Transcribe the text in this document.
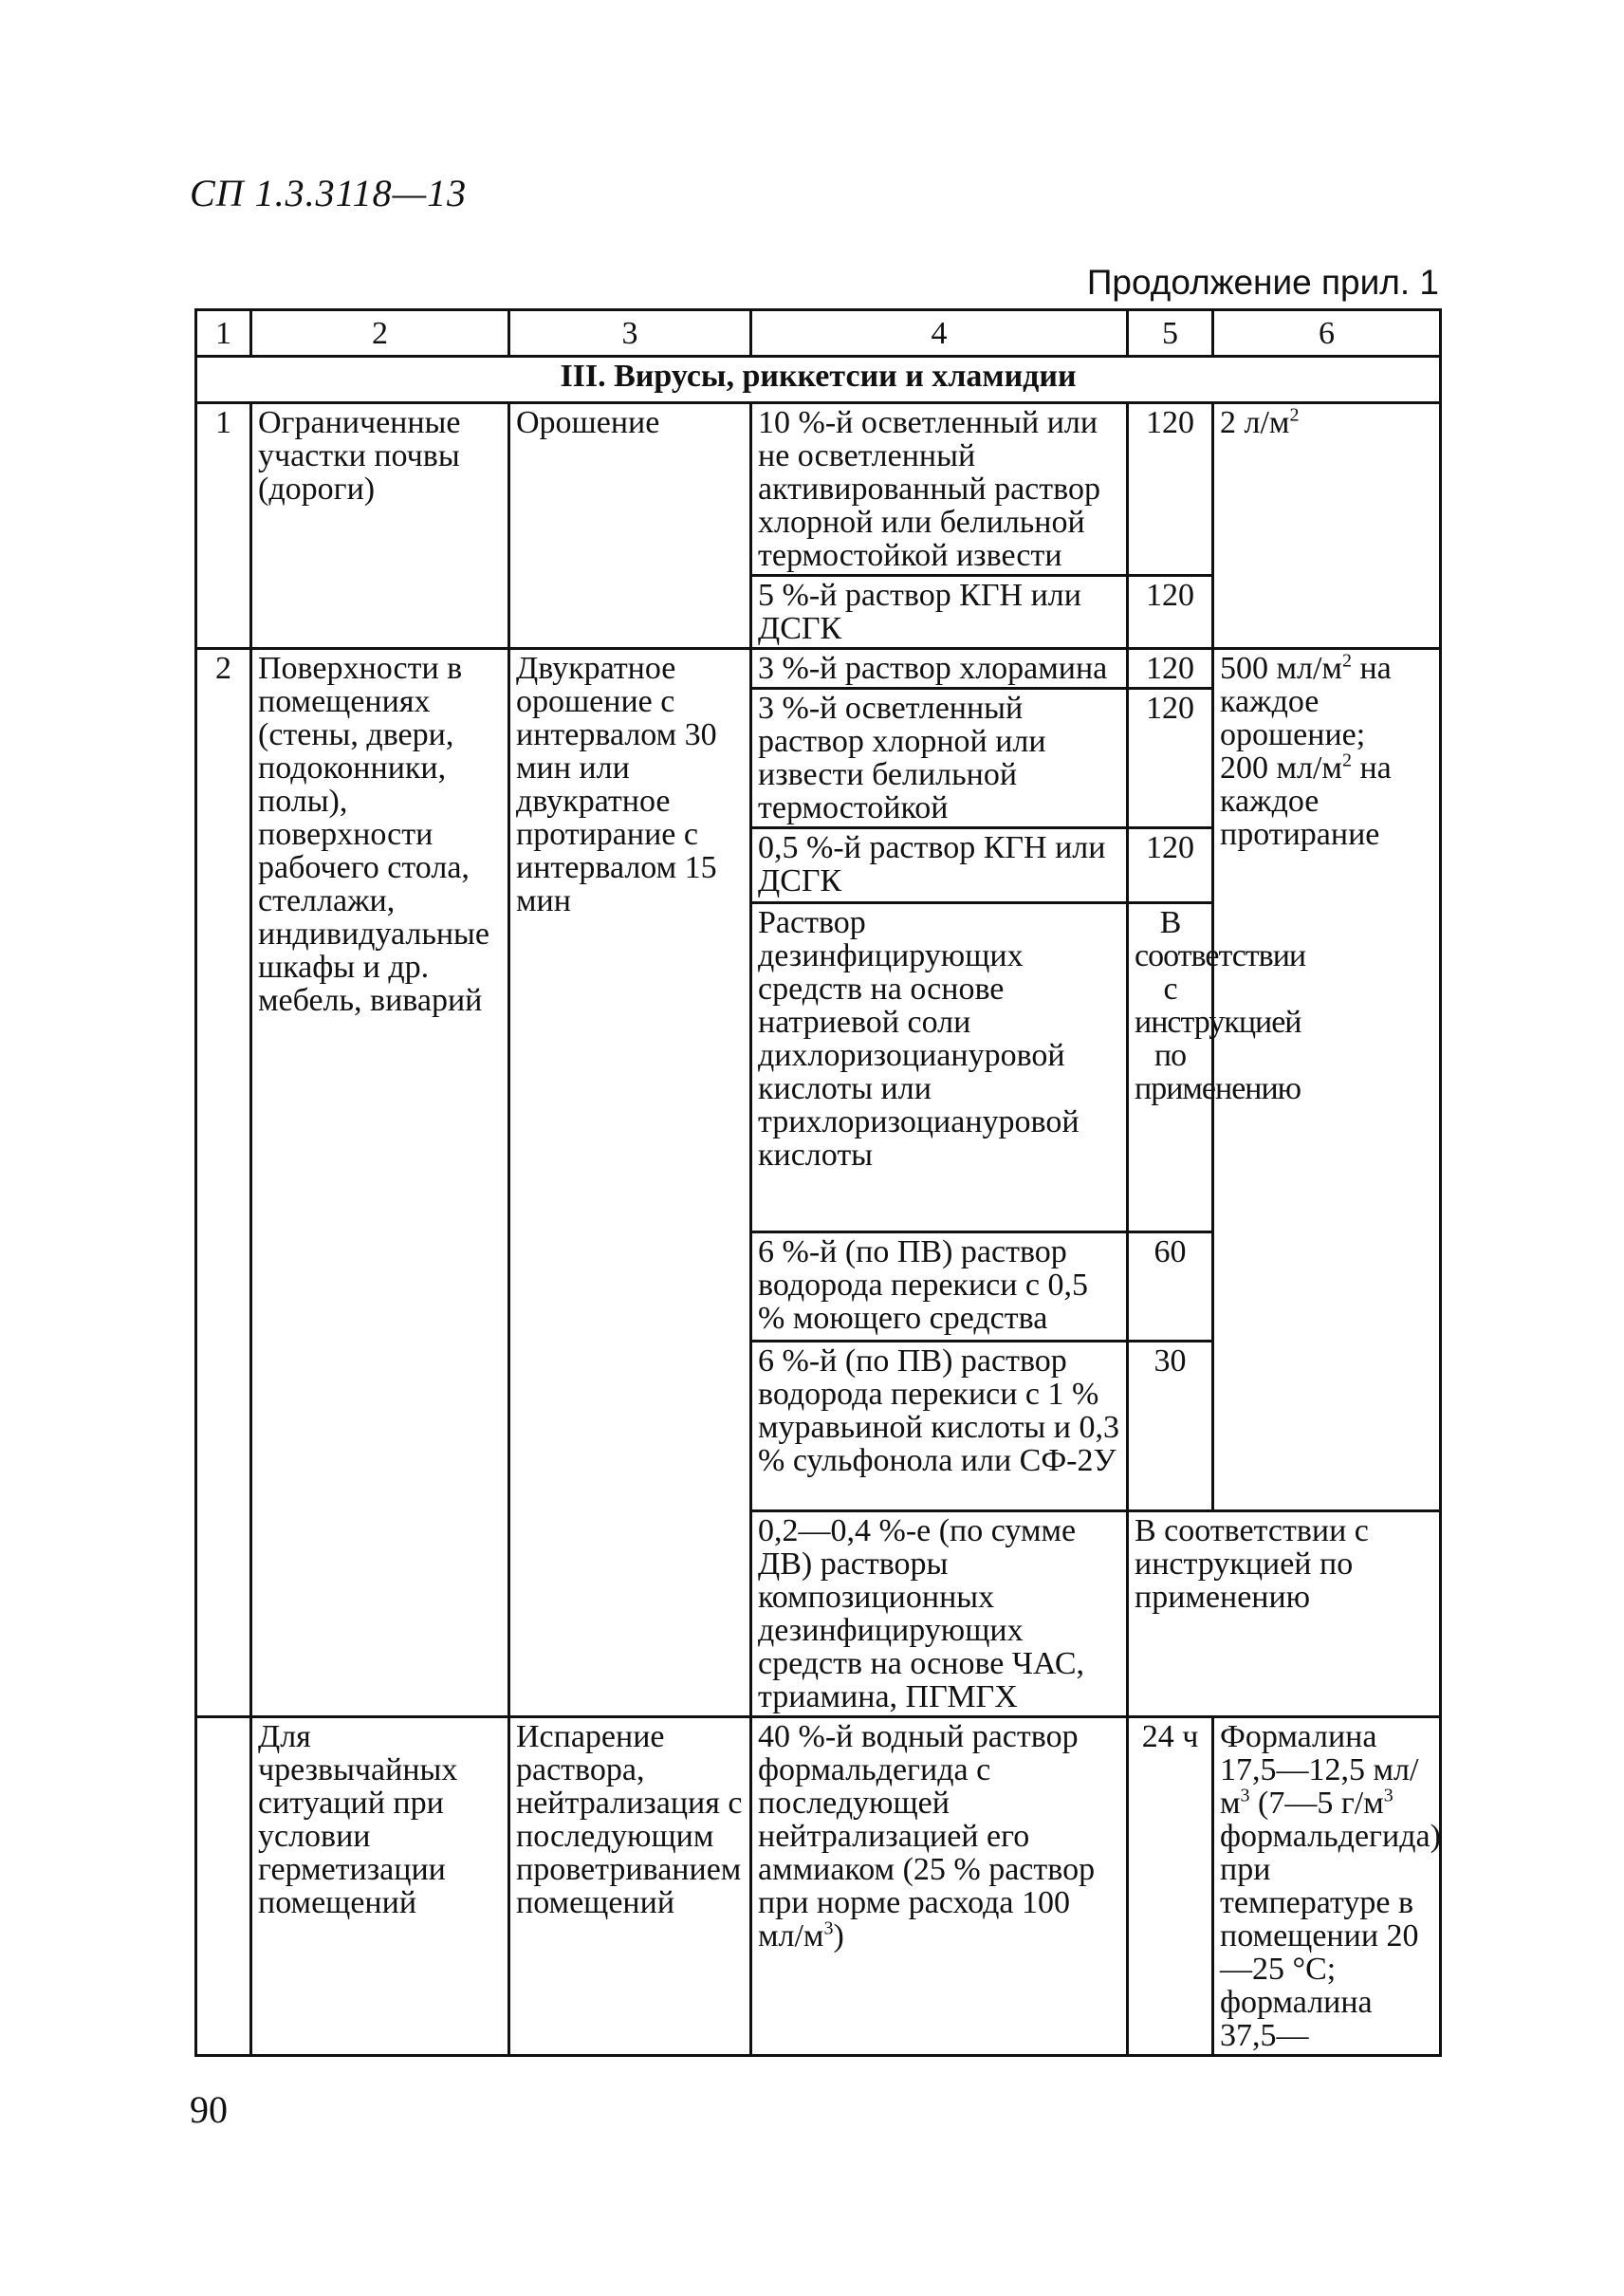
СП 1.3.3118—13
Продолжение прил. 1
1	2	3	4	5	6
III. Вирусы, риккетсии и хламидии					
1	Ограниченные участки почвы (дороги)	Орошение	10 %-й осветленный или не осветленный активированный раствор хлорной или белильной термостойкой извести	120	2 $л/м^2$
			5 %-й раствор КГН или ДСГК	120	
2	Поверхности в помещениях (стены, двери, подоконники, полы), поверхности рабочего стола, стеллажи, индивидуальные шкафы и др. мебель, виварий	Двукратное орошение с интервалом 30 мин или двукратное протирание с интервалом 15 мин	3 %-й раствор хлорамина	120	500 $мл/м^2$ на каждое орошение;
200 $мл/м^2$ на каждое протирание
			3 %-й осветленный раствор хлорной или извести белильной термостойкой	120	
			0,5 %-й раствор КГН или ДСГК	120	
			Раствор дезинфицирующих средств на основе натриевой соли дихлоризоциануровой кислоты или трихлоризоциануровой кислоты	В соответствии с инструкцией по применению	
			6 %-й (по ПВ) раствор водорода перекиси с 0,5 % моющего средства	60	
			6 %-й (по ПВ) раствор водорода перекиси с 1 % муравьиной кислоты и 0,3 % сульфонола или СФ-2У	30	
			0,2—0,4 %-е (по сумме ДВ) растворы композиционных дезинфицирующих средств на основе ЧАС, триамина, ПГМГХ	В соответствии с инструкцией по применению	
	Для чрезвычайных ситуаций при условии герметизации помещений	Испарение раствора, нейтрализация с последующим проветриванием помещений	40 %-й водный раствор формальдегида с последующей нейтрализацией его аммиаком (25 % раствор при норме расхода 100 $мл/м^3$)	24 ч	Формалина 17,5—12,5 $мл/м^3$ (7—5 $г/м^3$ формальдегида) при температуре в помещении 20—25 °С; формалина 37,5—
90
